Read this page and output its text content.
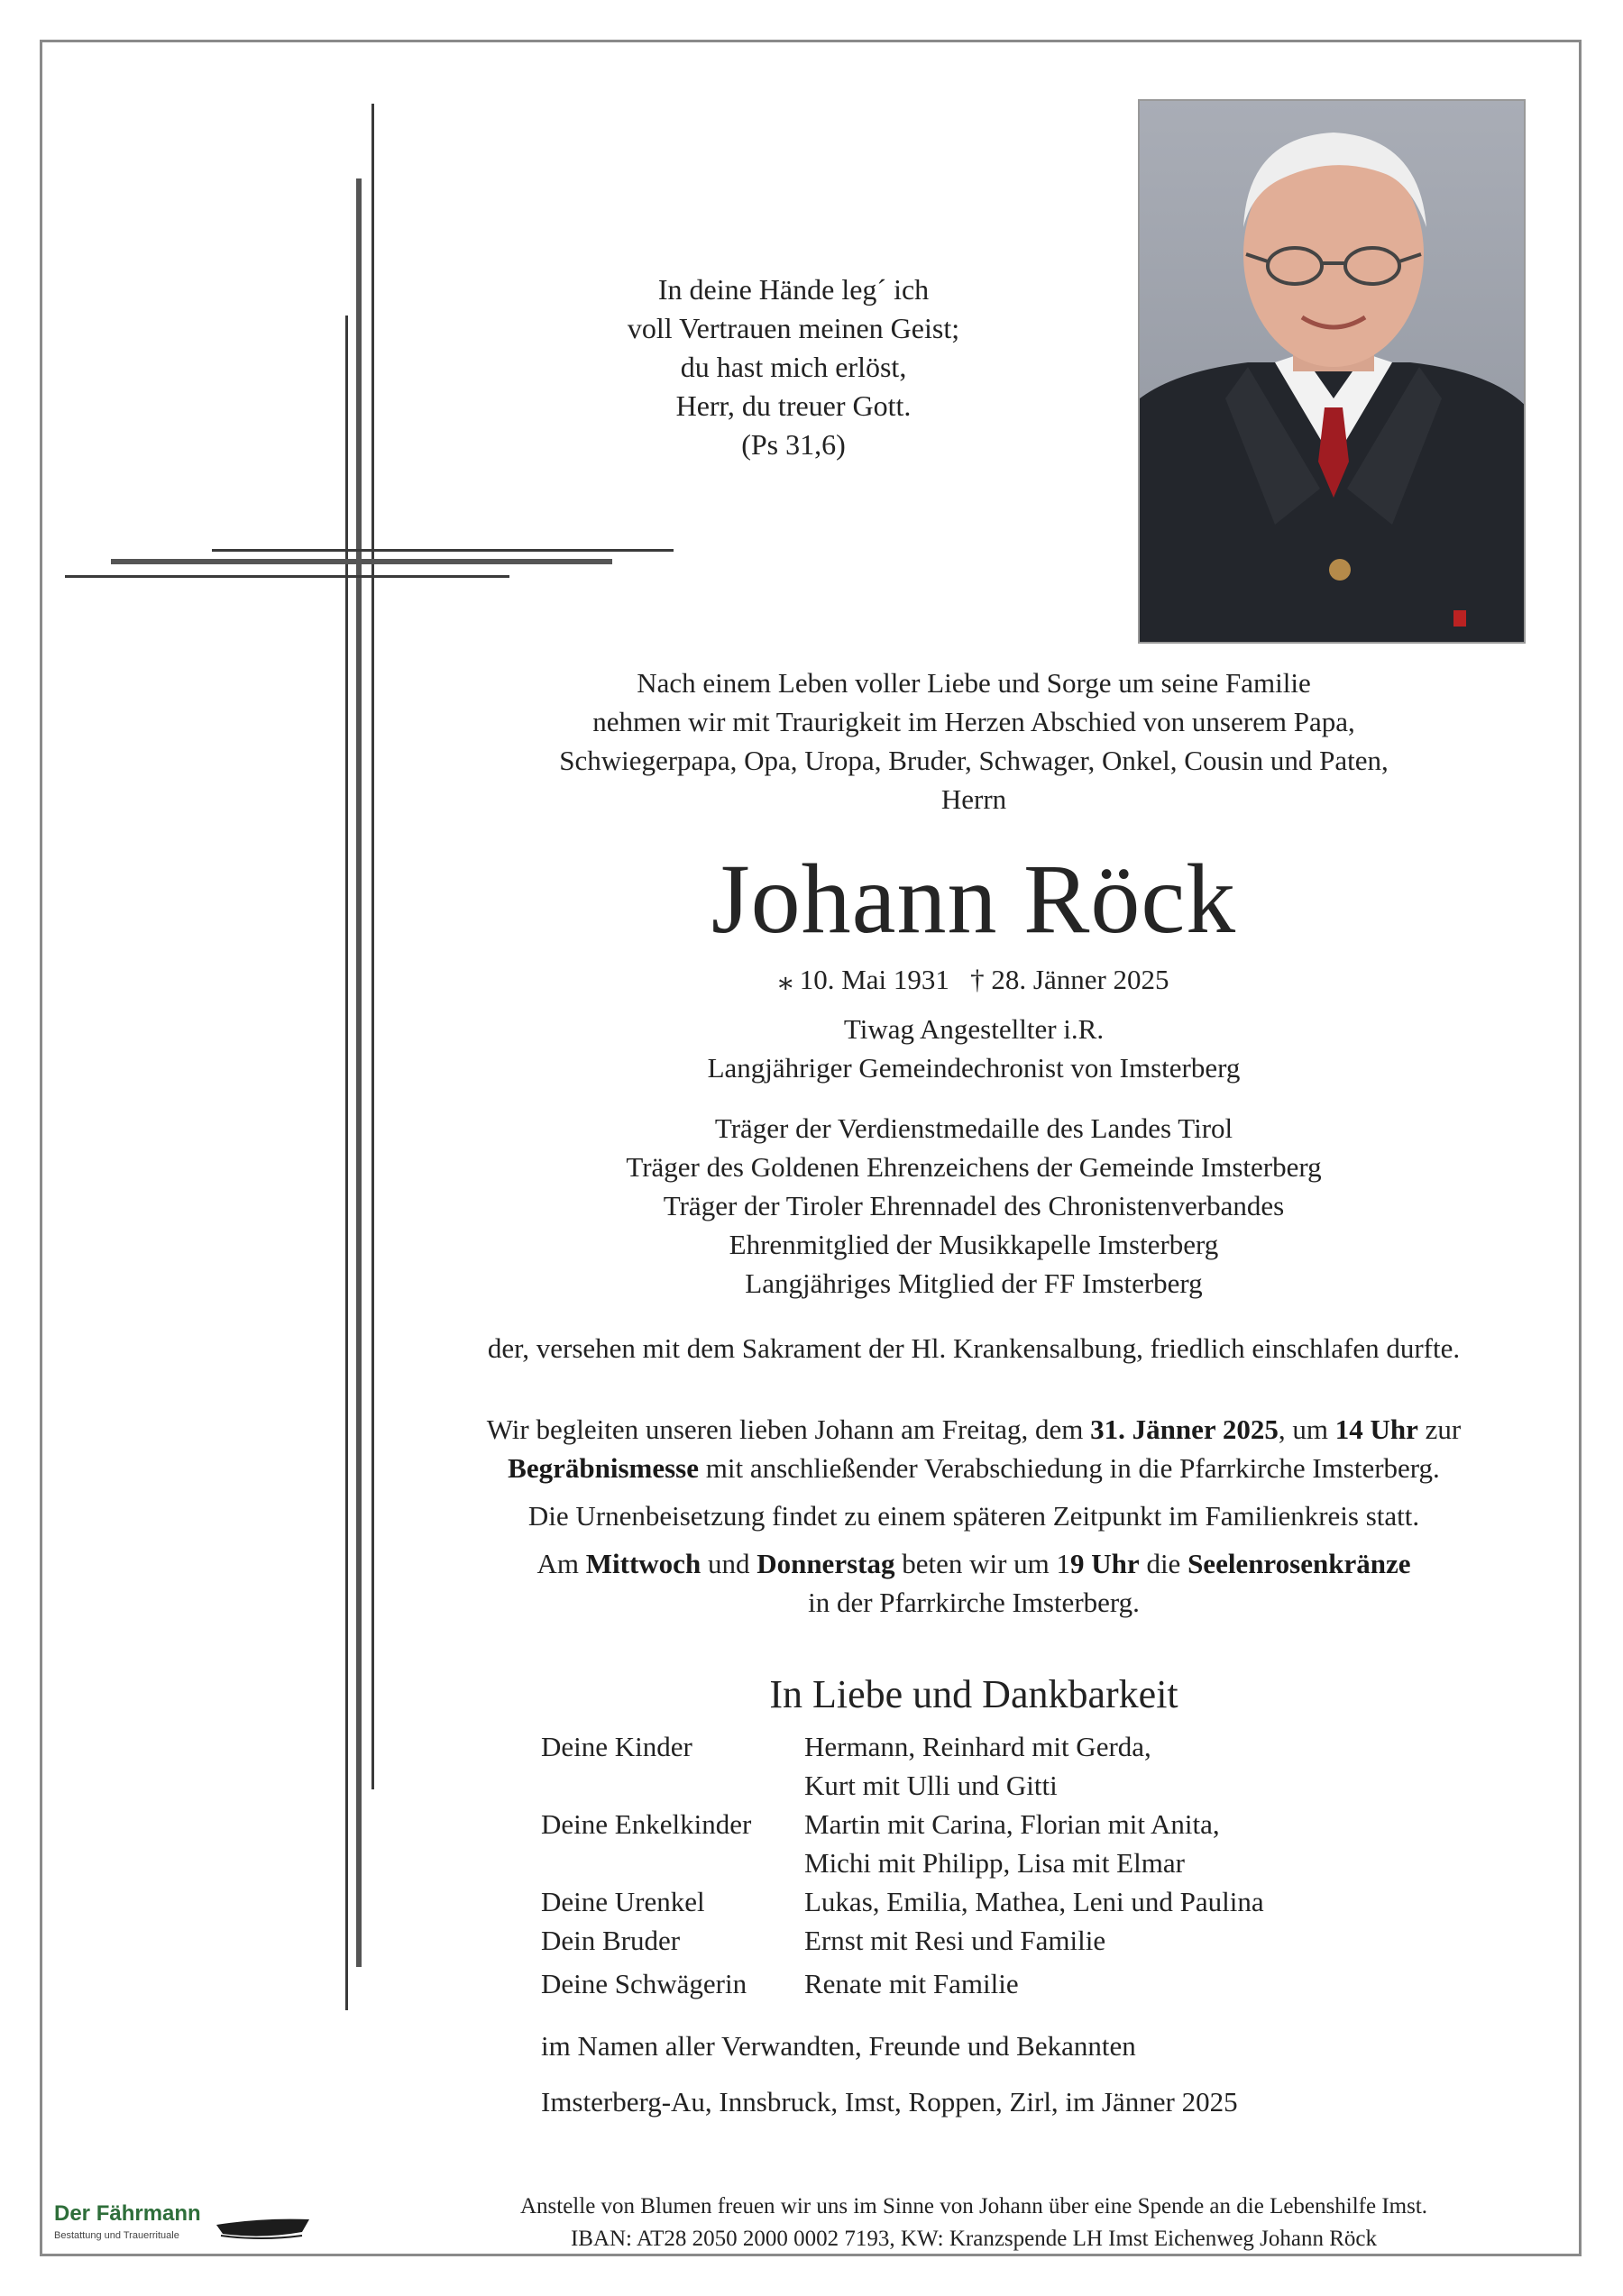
In deine Hände leg´ ich
voll Vertrauen meinen Geist;
du hast mich erlöst,
Herr, du treuer Gott.
(Ps 31,6)
Nach einem Leben voller Liebe und Sorge um seine Familie
nehmen wir mit Traurigkeit im Herzen Abschied von unserem Papa,
Schwiegerpapa, Opa, Uropa, Bruder, Schwager, Onkel, Cousin und Paten,
Herrn
Johann Röck
⁎ 10. Mai 1931 † 28. Jänner 2025
Tiwag Angestellter i.R.
Langjähriger Gemeindechronist von Imsterberg
Träger der Verdienstmedaille des Landes Tirol
Träger des Goldenen Ehrenzeichens der Gemeinde Imsterberg
Träger der Tiroler Ehrennadel des Chronistenverbandes
Ehrenmitglied der Musikkapelle Imsterberg
Langjähriges Mitglied der FF Imsterberg
der, versehen mit dem Sakrament der Hl. Krankensalbung, friedlich einschlafen durfte.

Wir begleiten unseren lieben Johann am Freitag, dem 31. Jänner 2025, um 14 Uhr zur
Begräbnismesse mit anschließender Verabschiedung in die Pfarrkirche Imsterberg.

Die Urnenbeisetzung findet zu einem späteren Zeitpunkt im Familienkreis statt.

Am Mittwoch und Donnerstag beten wir um 19 Uhr die Seelenrosenkränze
in der Pfarrkirche Imsterberg.

In Liebe und Dankbarkeit
Deine Kinder	Hermann, Reinhard mit Gerda,
Kurt mit Ulli und Gitti
Deine Enkelkinder	Martin mit Carina, Florian mit Anita,
Michi mit Philipp, Lisa mit Elmar
Deine Urenkel	Lukas, Emilia, Mathea, Leni und Paulina
Dein Bruder	Ernst mit Resi und Familie
Deine Schwägerin	Renate mit Familie
im Namen aller Verwandten, Freunde und Bekannten
Imsterberg-Au, Innsbruck, Imst, Roppen, Zirl, im Jänner 2025
Der Fährmann
Bestattung und Trauerrituale
Anstelle von Blumen freuen wir uns im Sinne von Johann über eine Spende an die Lebenshilfe Imst.
IBAN: AT28 2050 2000 0002 7193, KW: Kranzspende LH Imst Eichenweg Johann Röck
